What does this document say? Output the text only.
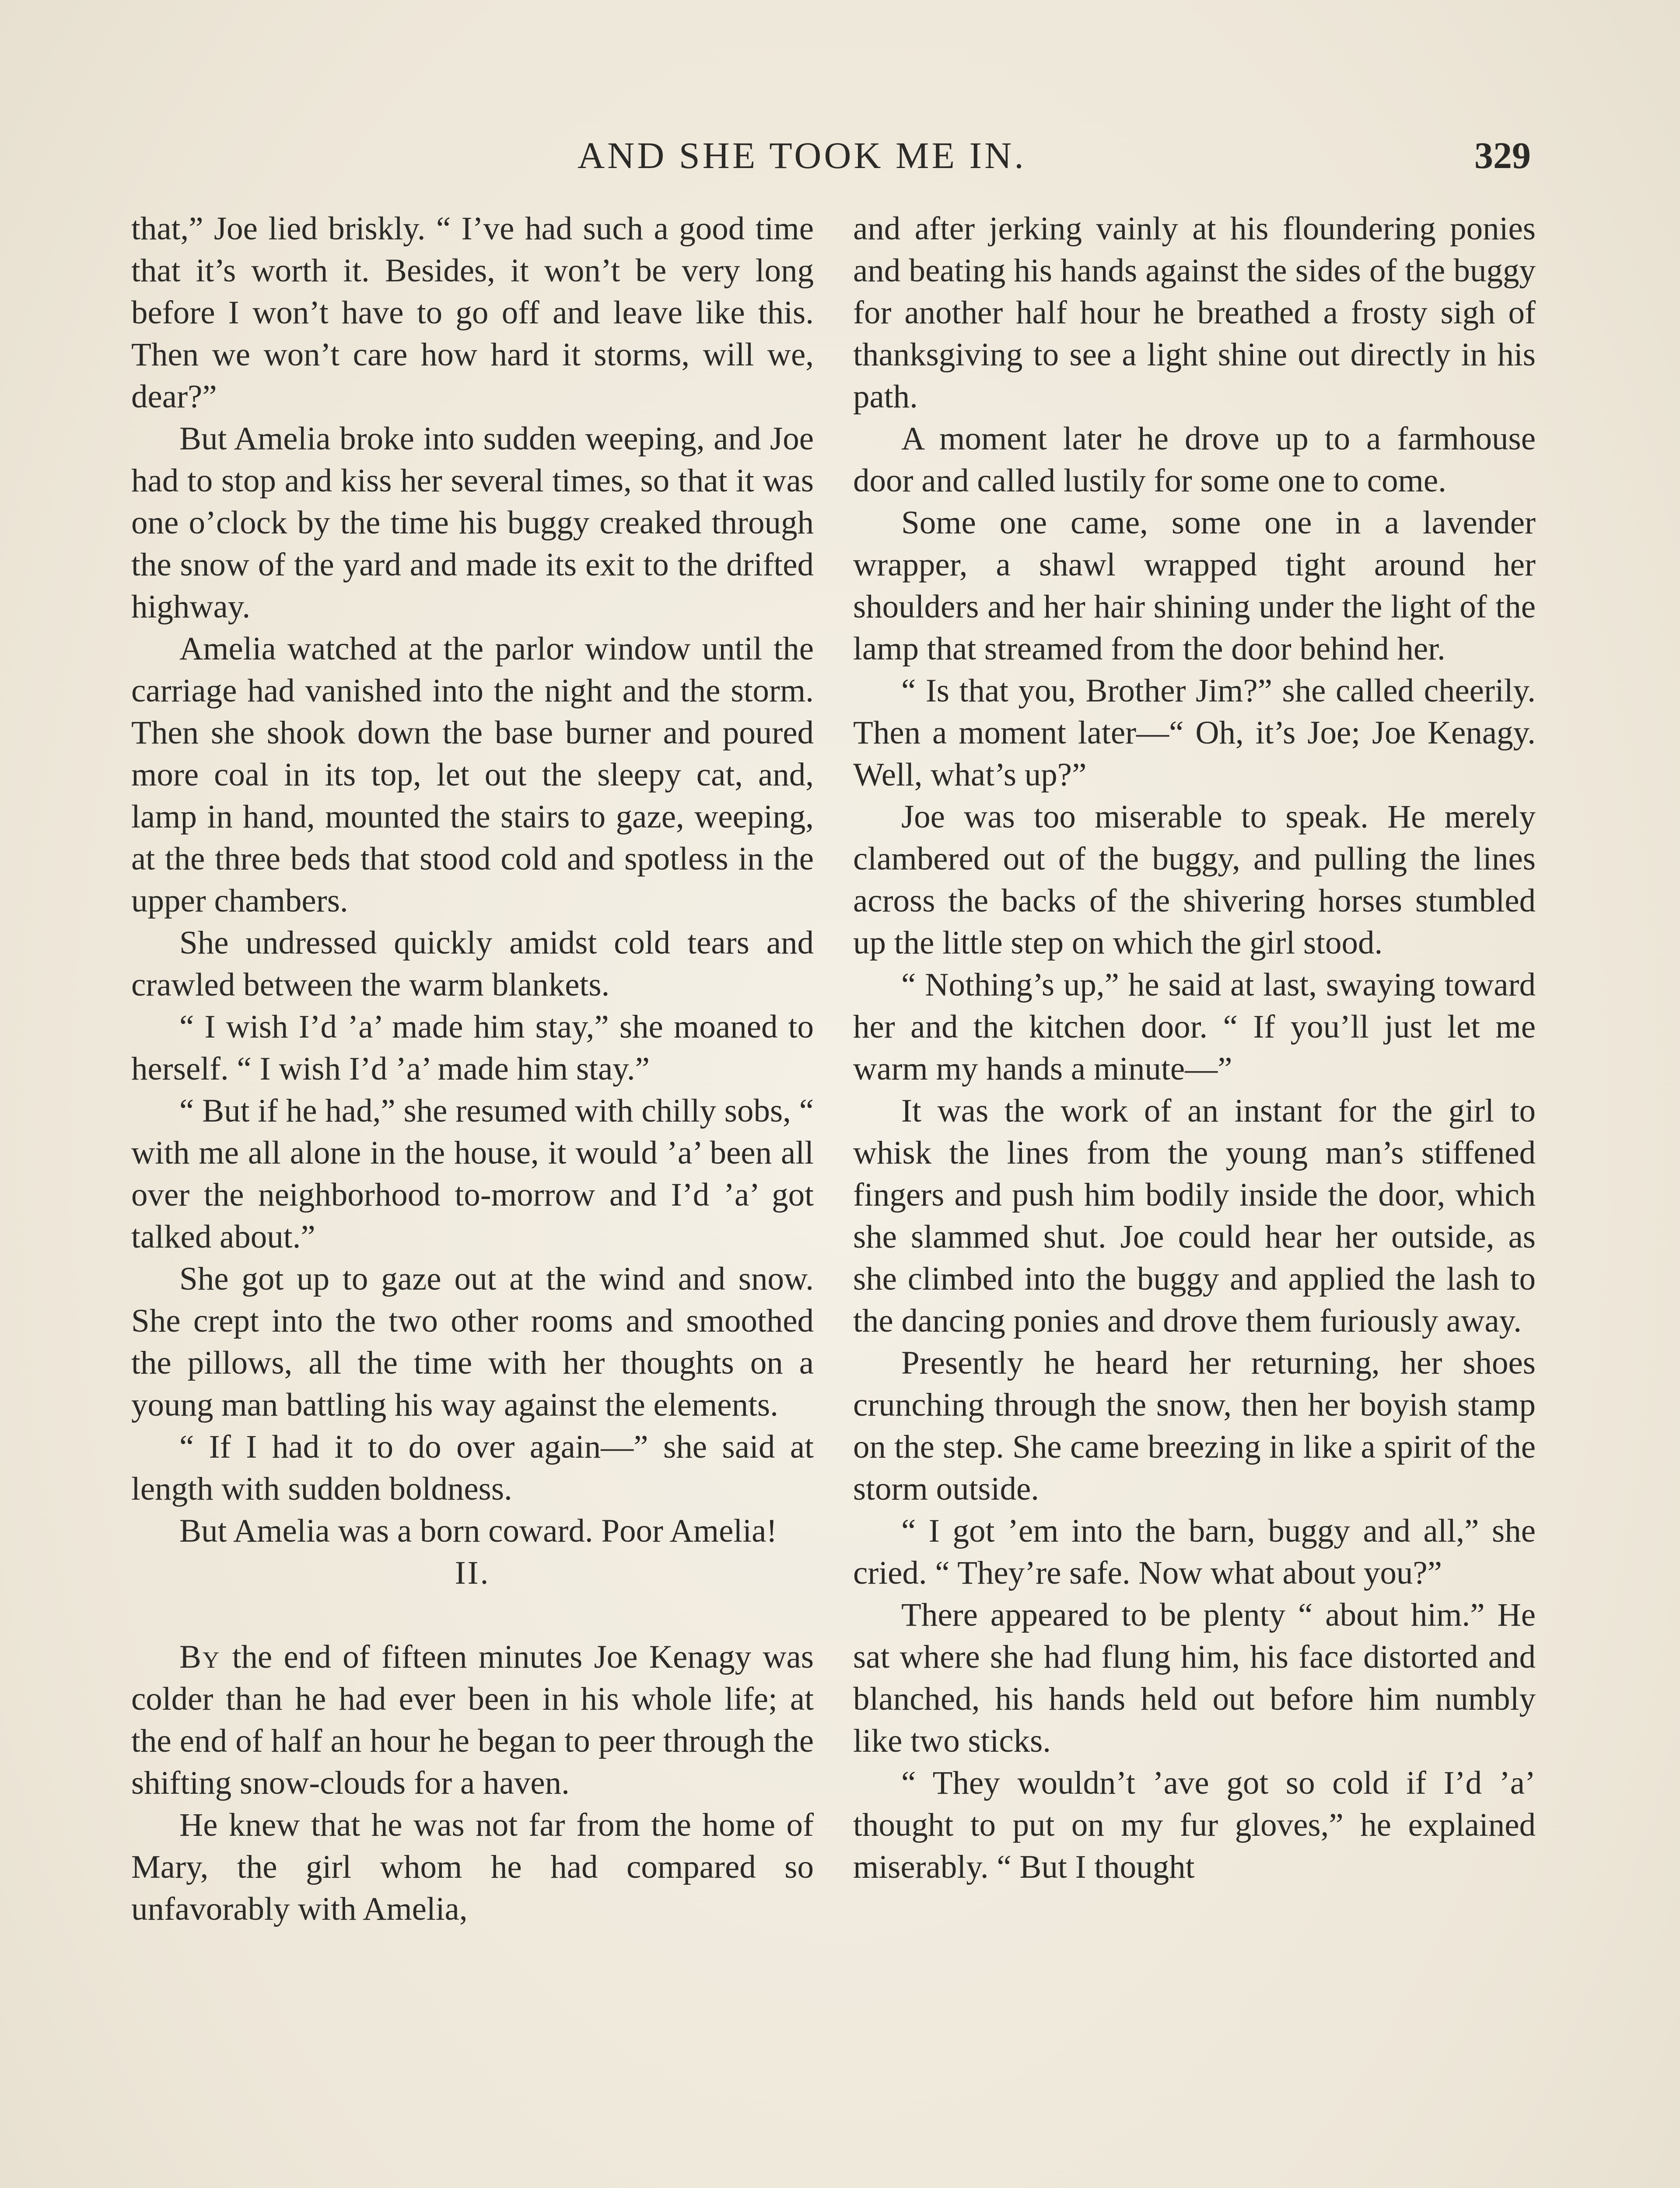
AND SHE TOOK ME IN.	329

that,” Joe lied briskly. “ I’ve had such a good time that it’s worth it. Besides, it won’t be very long before I won’t have to go off and leave like this. Then we won’t care how hard it storms, will we, dear?”

But Amelia broke into sudden weeping, and Joe had to stop and kiss her several times, so that it was one o’clock by the time his buggy creaked through the snow of the yard and made its exit to the drifted highway.

Amelia watched at the parlor window until the carriage had vanished into the night and the storm. Then she shook down the base burner and poured more coal in its top, let out the sleepy cat, and, lamp in hand, mounted the stairs to gaze, weeping, at the three beds that stood cold and spotless in the upper chambers.

She undressed quickly amidst cold tears and crawled between the warm blankets.

“ I wish I’d ’a’ made him stay,” she moaned to herself. “ I wish I’d ’a’ made him stay.”

“ But if he had,” she resumed with chilly sobs, “ with me all alone in the house, it would ’a’ been all over the neighborhood to-morrow and I’d ’a’ got talked about.”

She got up to gaze out at the wind and snow. She crept into the two other rooms and smoothed the pillows, all the time with her thoughts on a young man battling his way against the elements.

“ If I had it to do over again—” she said at length with sudden boldness.

But Amelia was a born coward. Poor Amelia!

II.

By the end of fifteen minutes Joe Kenagy was colder than he had ever been in his whole life; at the end of half an hour he began to peer through the shifting snow-clouds for a haven.

He knew that he was not far from the home of Mary, the girl whom he had compared so unfavorably with Amelia,

and after jerking vainly at his floundering ponies and beating his hands against the sides of the buggy for another half hour he breathed a frosty sigh of thanksgiving to see a light shine out directly in his path.

A moment later he drove up to a farmhouse door and called lustily for some one to come.

Some one came, some one in a lavender wrapper, a shawl wrapped tight around her shoulders and her hair shining under the light of the lamp that streamed from the door behind her.

“ Is that you, Brother Jim?” she called cheerily. Then a moment later—“ Oh, it’s Joe; Joe Kenagy. Well, what’s up?”

Joe was too miserable to speak. He merely clambered out of the buggy, and pulling the lines across the backs of the shivering horses stumbled up the little step on which the girl stood.

“ Nothing’s up,” he said at last, swaying toward her and the kitchen door. “ If you’ll just let me warm my hands a minute—”

It was the work of an instant for the girl to whisk the lines from the young man’s stiffened fingers and push him bodily inside the door, which she slammed shut. Joe could hear her outside, as she climbed into the buggy and applied the lash to the dancing ponies and drove them furiously away.

Presently he heard her returning, her shoes crunching through the snow, then her boyish stamp on the step. She came breezing in like a spirit of the storm outside.

“ I got ’em into the barn, buggy and all,” she cried. “ They’re safe. Now what about you?”

There appeared to be plenty “ about him.” He sat where she had flung him, his face distorted and blanched, his hands held out before him numbly like two sticks.

“ They wouldn’t ’ave got so cold if I’d ’a’ thought to put on my fur gloves,” he explained miserably. “ But I thought
